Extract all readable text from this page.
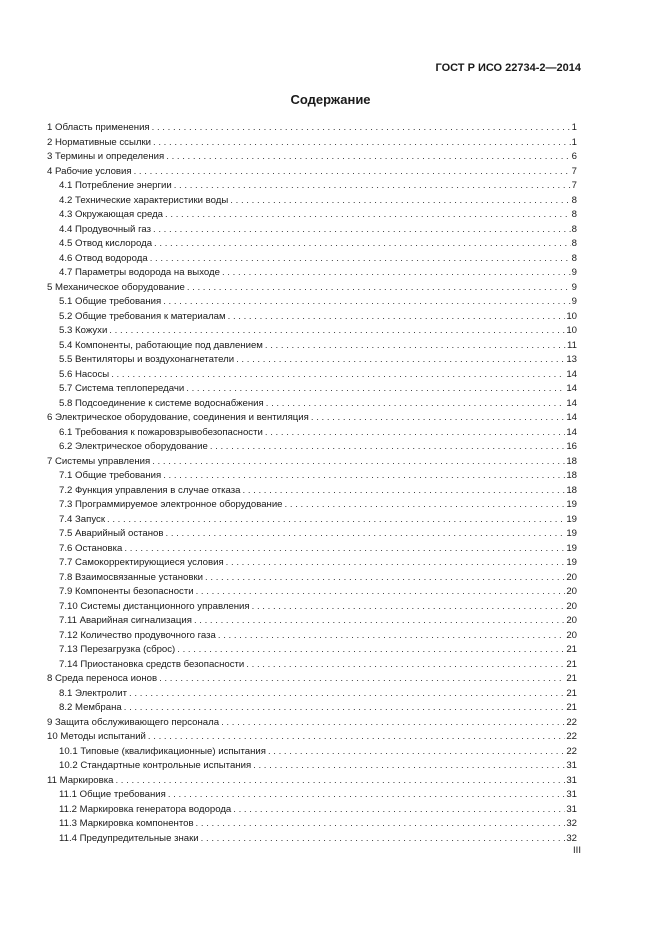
ГОСТ Р ИСО 22734-2—2014
Содержание
1 Область применения . . .	1
2 Нормативные ссылки . . .	1
3 Термины и определения . . .	6
4 Рабочие условия . . .	7
4.1 Потребление энергии . . .	7
4.2 Технические характеристики воды . . .	8
4.3 Окружающая среда . . .	8
4.4 Продувочный газ . . .	8
4.5 Отвод кислорода . . .	8
4.6 Отвод водорода . . .	8
4.7 Параметры водорода на выходе . . .	9
5 Механическое оборудование . . .	9
5.1 Общие требования . . .	9
5.2 Общие требования к материалам . . .	10
5.3 Кожухи . . .	10
5.4 Компоненты, работающие под давлением . . .	11
5.5 Вентиляторы и воздухонагнетатели . . .	13
5.6 Насосы . . .	14
5.7 Система теплопередачи . . .	14
5.8 Подсоединение к системе водоснабжения . . .	14
6 Электрическое оборудование, соединения и вентиляция . . .	14
6.1 Требования к пожаровзрывобезопасности . . .	14
6.2 Электрическое оборудование . . .	16
7 Системы управления . . .	18
7.1 Общие требования . . .	18
7.2 Функция управления в случае отказа . . .	18
7.3 Программируемое электронное оборудование . . .	19
7.4 Запуск . . .	19
7.5 Аварийный останов . . .	19
7.6 Остановка . . .	19
7.7 Самокорректирующиеся условия . . .	19
7.8 Взаимосвязанные установки . . .	20
7.9 Компоненты безопасности . . .	20
7.10 Системы дистанционного управления . . .	20
7.11 Аварийная сигнализация . . .	20
7.12 Количество продувочного газа . . .	20
7.13 Перезагрузка (сброс) . . .	21
7.14 Приостановка средств безопасности . . .	21
8 Среда переноса ионов . . .	21
8.1 Электролит . . .	21
8.2 Мембрана . . .	21
9 Защита обслуживающего персонала . . .	22
10 Методы испытаний . . .	22
10.1 Типовые (квалификационные) испытания . . .	22
10.2 Стандартные контрольные испытания . . .	31
11 Маркировка . . .	31
11.1 Общие требования . . .	31
11.2 Маркировка генератора водорода . . .	31
11.3 Маркировка компонентов . . .	32
11.4 Предупредительные знаки . . .	32
III
